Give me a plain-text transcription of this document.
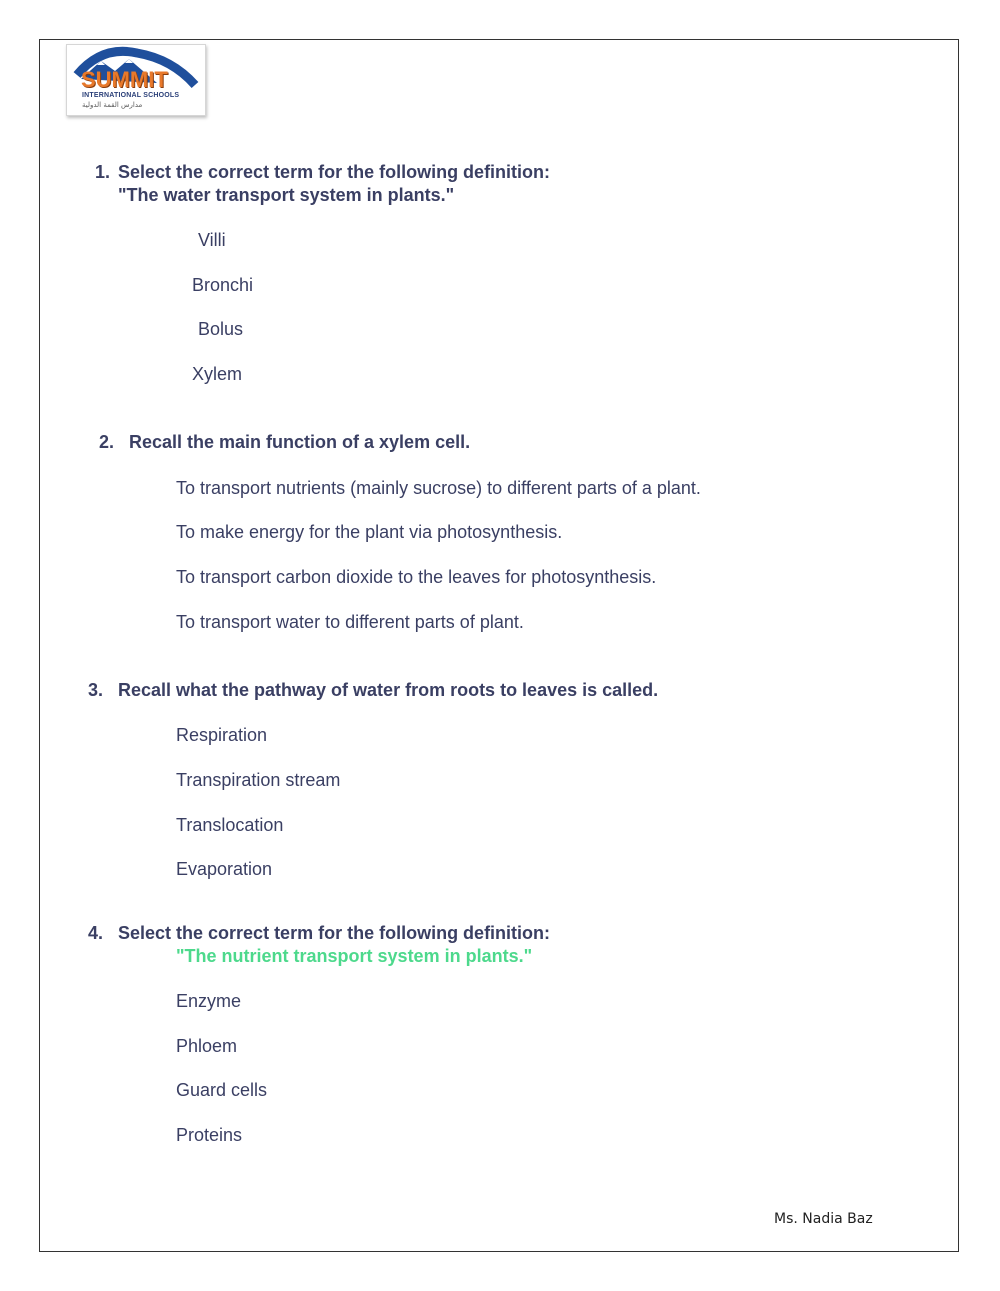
SUMMIT
INTERNATIONAL SCHOOLS
مدارس القمة الدولية
1. Select the correct term for the following definition:
"The water transport system in plants."
Villi
Bronchi
Bolus
Xylem
2. Recall the main function of a xylem cell.
To transport nutrients (mainly sucrose) to different parts of a plant.
To make energy for the plant via photosynthesis.
To transport carbon dioxide to the leaves for photosynthesis.
To transport water to different parts of plant.
3. Recall what the pathway of water from roots to leaves is called.
Respiration
Transpiration stream
Translocation
Evaporation
4. Select the correct term for the following definition:
"The nutrient transport system in plants."
Enzyme
Phloem
Guard cells
Proteins
Ms. Nadia Baz
